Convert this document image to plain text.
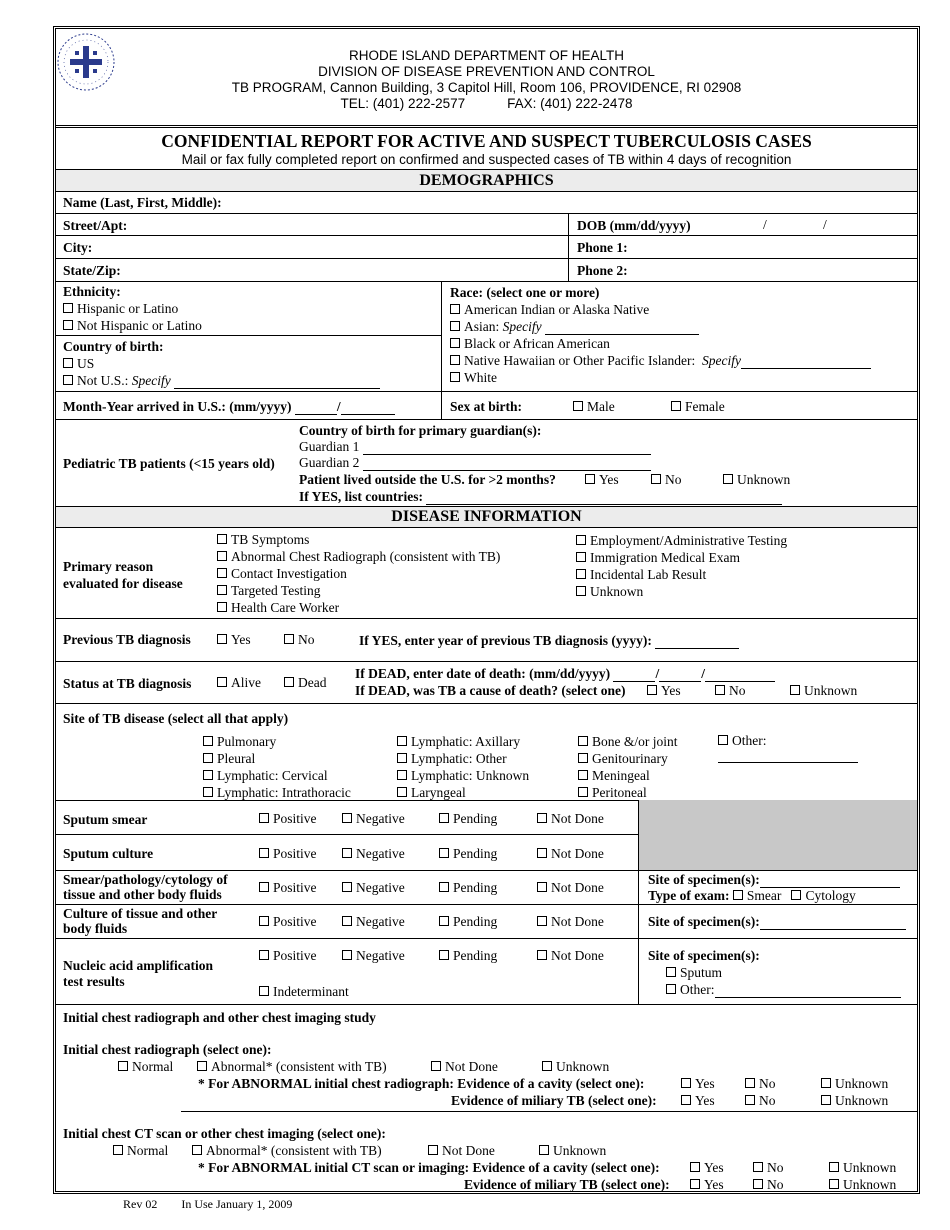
RHODE ISLAND DEPARTMENT OF HEALTH
DIVISION OF DISEASE PREVENTION AND CONTROL
TB PROGRAM, Cannon Building, 3 Capitol Hill, Room 106, PROVIDENCE, RI 02908
TEL: (401) 222-2577	FAX: (401) 222-2478
CONFIDENTIAL REPORT FOR ACTIVE AND SUSPECT TUBERCULOSIS CASES
Mail or fax fully completed report on confirmed and suspected cases of TB within 4 days of recognition
DEMOGRAPHICS
Name (Last, First, Middle):
Street/Apt:	DOB (mm/dd/yyyy)	/	/
City:	Phone 1:
State/Zip:	Phone 2:
Ethnicity:
Hispanic or Latino
Not Hispanic or Latino
Country of birth:
US
Not U.S.: Specify
Race: (select one or more)
American Indian or Alaska Native
Asian: Specify
Black or African American
Native Hawaiian or Other Pacific Islander: Specify
White
Month-Year arrived in U.S.: (mm/yyyy)	/	Sex at birth:	Male	Female
Pediatric TB patients (<15 years old)
Country of birth for primary guardian(s):
Guardian 1
Guardian 2
Patient lived outside the U.S. for >2 months?	Yes	No	Unknown
If YES, list countries:
DISEASE INFORMATION
Primary reason
evaluated for disease
TB Symptoms
Abnormal Chest Radiograph (consistent with TB)
Contact Investigation
Targeted Testing
Health Care Worker
Employment/Administrative Testing
Immigration Medical Exam
Incidental Lab Result
Unknown
Previous TB diagnosis	Yes	No	If YES, enter year of previous TB diagnosis (yyyy):
Status at TB diagnosis	Alive	Dead
If DEAD, enter date of death: (mm/dd/yyyy)	/	/
If DEAD, was TB a cause of death? (select one)	Yes	No	Unknown
Site of TB disease (select all that apply)
Pulmonary
Pleural
Lymphatic: Cervical
Lymphatic: Intrathoracic
Lymphatic: Axillary
Lymphatic: Other
Lymphatic: Unknown
Laryngeal
Bone &/or joint
Genitourinary
Meningeal
Peritoneal
Other:
Sputum smear	Positive	Negative	Pending	Not Done
Sputum culture	Positive	Negative	Pending	Not Done
Smear/pathology/cytology of
tissue and other body fluids	Positive	Negative	Pending	Not Done
Site of specimen(s):
Type of exam: Smear Cytology
Culture of tissue and other
body fluids	Positive	Negative	Pending	Not Done	Site of specimen(s):
Nucleic acid amplification
test results
Positive	Negative	Pending	Not Done
Indeterminant
Site of specimen(s):
Sputum
Other:
Initial chest radiograph and other chest imaging study
Initial chest radiograph (select one):
Normal	Abnormal* (consistent with TB)	Not Done	Unknown
* For ABNORMAL initial chest radiograph: Evidence of a cavity (select one):	Yes	No	Unknown
Evidence of miliary TB (select one):	Yes	No	Unknown
Initial chest CT scan or other chest imaging (select one):
Normal	Abnormal* (consistent with TB)	Not Done	Unknown
* For ABNORMAL initial CT scan or imaging: Evidence of a cavity (select one):	Yes	No	Unknown
Evidence of miliary TB (select one):	Yes	No	Unknown
Rev 02 In Use January 1, 2009
